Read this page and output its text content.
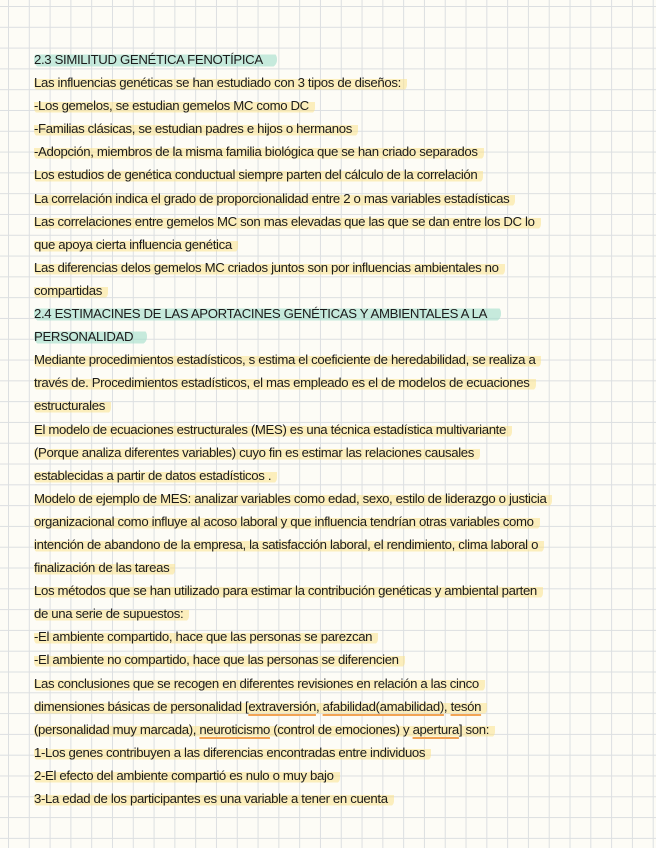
2.3 SIMILITUD GENÉTICA FENOTÍPICA
Las influencias genéticas se han estudiado con 3 tipos de diseños:
-Los gemelos, se estudian gemelos MC como DC
-Familias clásicas, se estudian padres e hijos o hermanos
-Adopción, miembros de la misma familia biológica que se han criado separados
Los estudios de genética conductual siempre parten del cálculo de la correlación
La correlación indica el grado de proporcionalidad entre 2 o mas variables estadísticas
Las correlaciones entre gemelos MC son mas elevadas que las que se dan entre los DC lo
que apoya cierta influencia genética
Las diferencias delos gemelos MC criados juntos son por influencias ambientales no
compartidas
2.4 ESTIMACINES DE LAS APORTACINES GENÉTICAS Y AMBIENTALES A LA
PERSONALIDAD
Mediante procedimientos estadísticos, s estima el coeficiente de heredabilidad, se realiza a
través de. Procedimientos estadísticos, el mas empleado es el de modelos de ecuaciones
estructurales
El modelo de ecuaciones estructurales (MES) es una técnica estadística multivariante
(Porque analiza diferentes variables) cuyo fin es estimar las relaciones causales
establecidas a partir de datos estadísticos .
Modelo de ejemplo de MES: analizar variables como edad, sexo, estilo de liderazgo o justicia
organizacional como influye al acoso laboral y que influencia tendrían otras variables como
intención de abandono de la empresa, la satisfacción laboral, el rendimiento, clima laboral o
finalización de las tareas
Los métodos que se han utilizado para estimar la contribución genéticas y ambiental parten
de una serie de supuestos:
-El ambiente compartido, hace que las personas se parezcan
-El ambiente no compartido, hace que las personas se diferencien
Las conclusiones que se recogen en diferentes revisiones en relación a las cinco
dimensiones básicas de personalidad [extraversión, afabilidad(amabilidad), tesón
(personalidad muy marcada), neuroticismo (control de emociones) y apertura] son:
1-Los genes contribuyen a las diferencias encontradas entre individuos
2-El efecto del ambiente compartió es nulo o muy bajo
3-La edad de los participantes es una variable a tener en cuenta
